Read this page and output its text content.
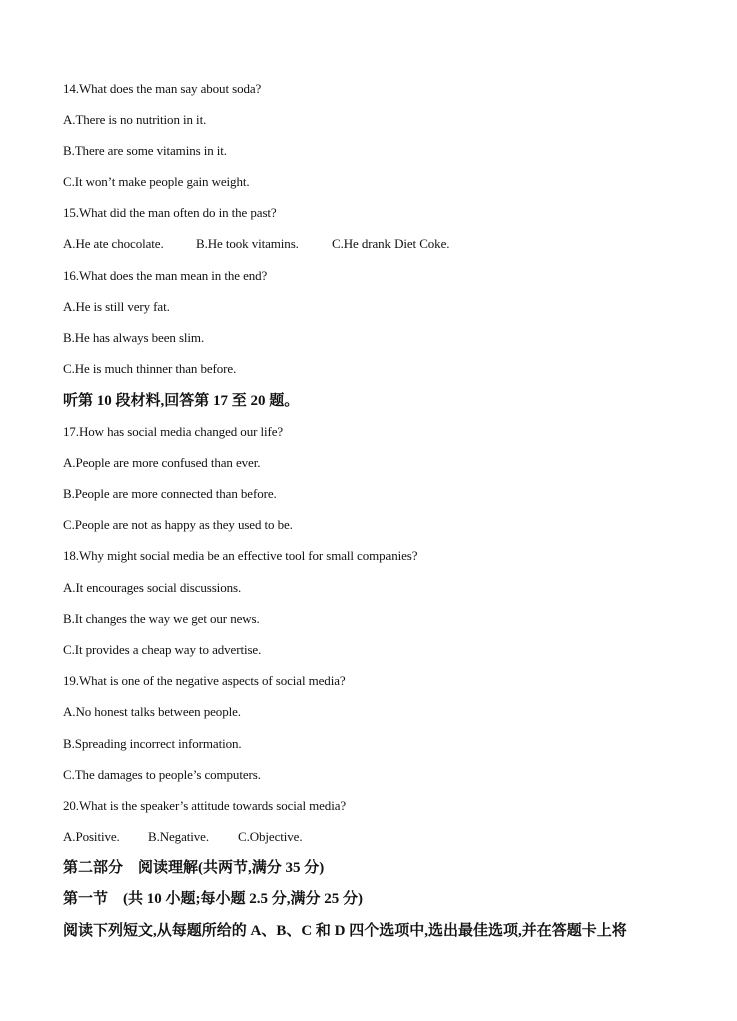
14.What does the man say about soda?
A.There is no nutrition in it.
B.There are some vitamins in it.
C.It won’t make people gain weight.
15.What did the man often do in the past?
A.He ate chocolate. B.He took vitamins.	C.He drank Diet Coke.
16.What does the man mean in the end?
A.He is still very fat.
B.He has always been slim.
C.He is much thinner than before.
听第 10 段材料,回答第 17 至 20 题。
17.How has social media changed our life?
A.People are more confused than ever.
B.People are more connected than before.
C.People are not as happy as they used to be.
18.Why might social media be an effective tool for small companies?
A.It encourages social discussions.
B.It changes the way we get our news.
C.It provides a cheap way to advertise.
19.What is one of the negative aspects of social media?
A.No honest talks between people.
B.Spreading incorrect information.
C.The damages to people’s computers.
20.What is the speaker’s attitude towards social media?
A.Positive. B.Negative. C.Objective.
第二部分　阅读理解(共两节,满分 35 分)
第一节　(共 10 小题;每小题 2.5 分,满分 25 分)
阅读下列短文,从每题所给的 A、B、C 和 D 四个选项中,选出最佳选项,并在答题卡上将
